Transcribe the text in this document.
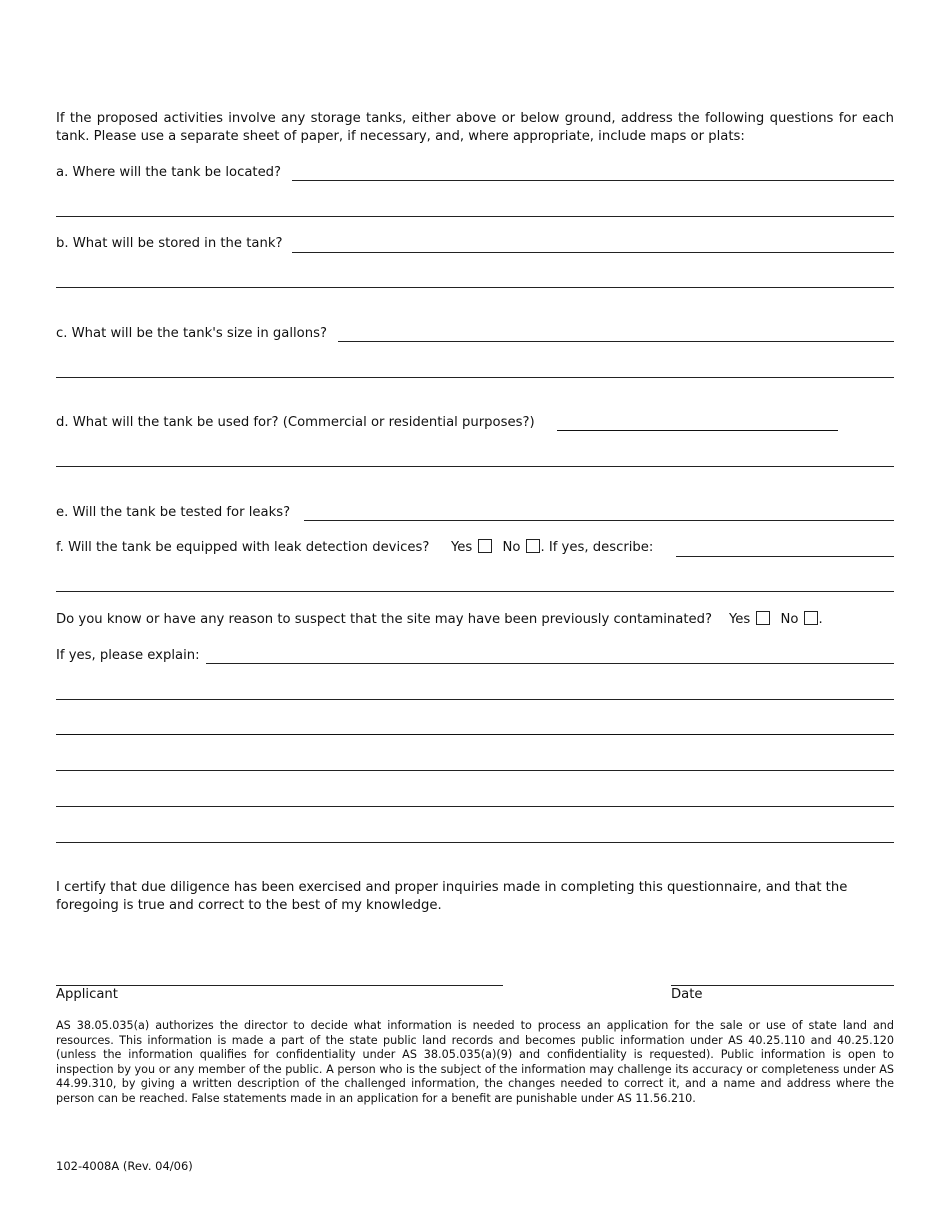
If the proposed activities involve any storage tanks, either above or below ground, address the following questions for each tank. Please use a separate sheet of paper, if necessary, and, where appropriate, include maps or plats:
a. Where will the tank be located?
b. What will be stored in the tank?
c. What will be the tank's size in gallons?
d. What will the tank be used for? (Commercial or residential purposes?)
e. Will the tank be tested for leaks?
f. Will the tank be equipped with leak detection devices? Yes No . If yes, describe:
Do you know or have any reason to suspect that the site may have been previously contaminated? Yes No .
If yes, please explain:
I certify that due diligence has been exercised and proper inquiries made in completing this questionnaire, and that the foregoing is true and correct to the best of my knowledge.
Applicant	Date
AS 38.05.035(a) authorizes the director to decide what information is needed to process an application for the sale or use of state land and resources. This information is made a part of the state public land records and becomes public information under AS 40.25.110 and 40.25.120 (unless the information qualifies for confidentiality under AS 38.05.035(a)(9) and confidentiality is requested). Public information is open to inspection by you or any member of the public. A person who is the subject of the information may challenge its accuracy or completeness under AS 44.99.310, by giving a written description of the challenged information, the changes needed to correct it, and a name and address where the person can be reached. False statements made in an application for a benefit are punishable under AS 11.56.210.
102-4008A (Rev. 04/06)
